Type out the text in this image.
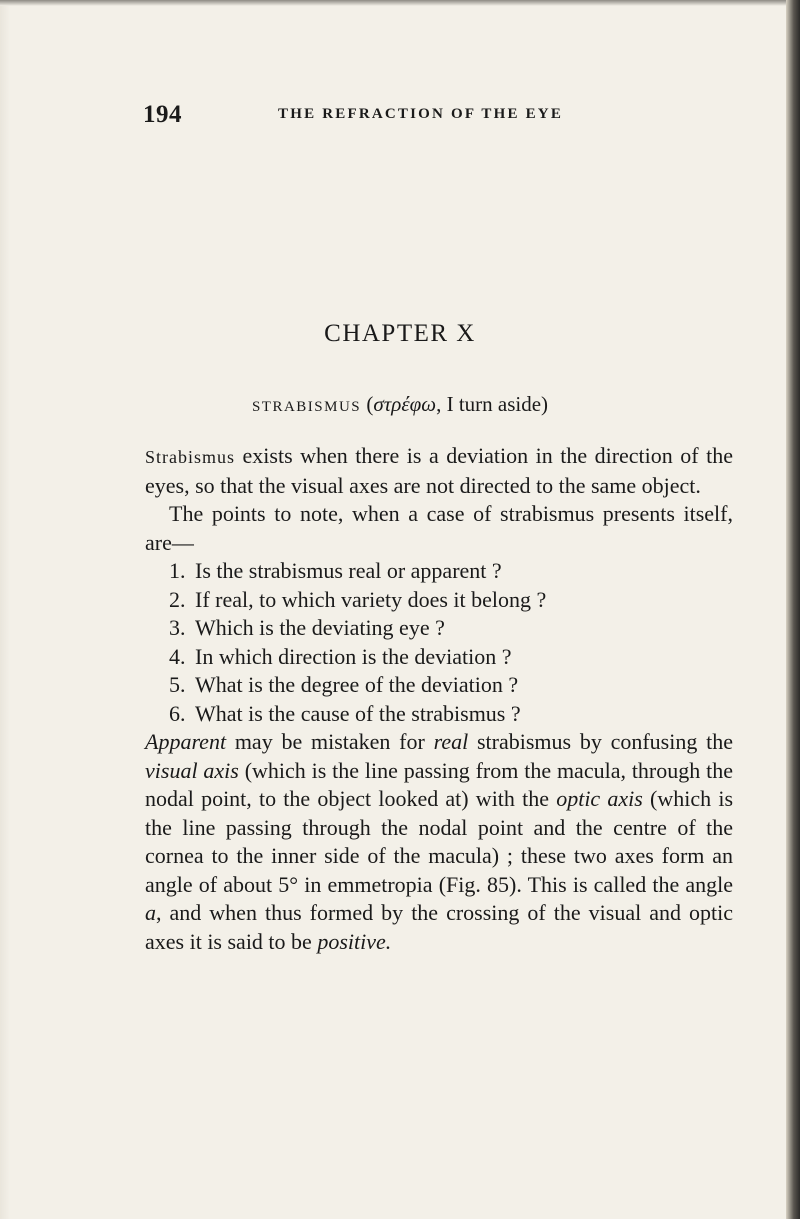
194	THE REFRACTION OF THE EYE
CHAPTER X
STRABISMUS (στρέφω, I turn aside)

Strabismus exists when there is a deviation in the direction of the eyes, so that the visual axes are not directed to the same object.

The points to note, when a case of strabismus presents itself, are—

1. Is the strabismus real or apparent ?
2. If real, to which variety does it belong ?
3. Which is the deviating eye ?
4. In which direction is the deviation ?
5. What is the degree of the deviation ?
6. What is the cause of the strabismus ?

Apparent may be mistaken for real strabismus by confusing the visual axis (which is the line passing from the macula, through the nodal point, to the object looked at) with the optic axis (which is the line passing through the nodal point and the centre of the cornea to the inner side of the macula) ; these two axes form an angle of about 5° in emmetropia (Fig. 85). This is called the angle a, and when thus formed by the crossing of the visual and optic axes it is said to be positive.
